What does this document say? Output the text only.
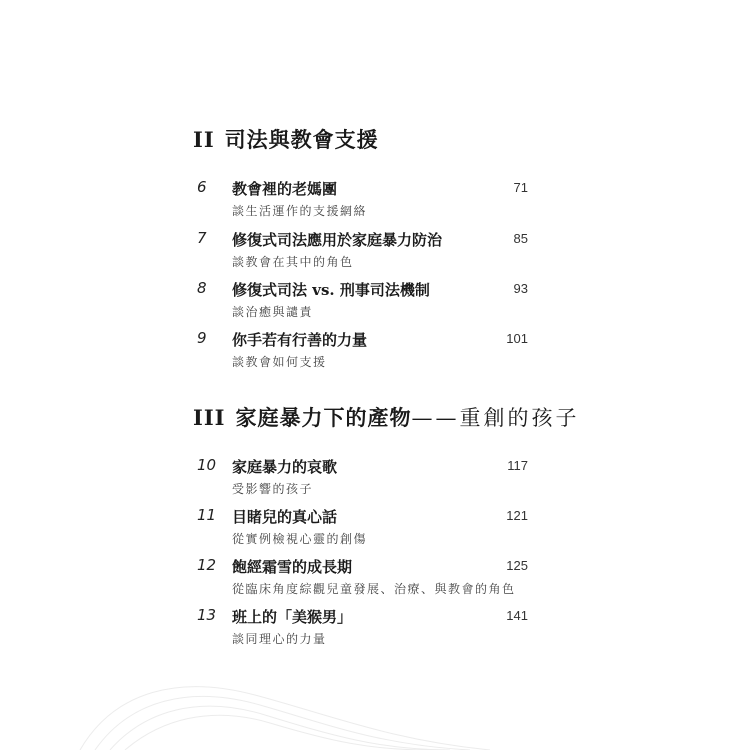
II 司法與教會支援
6 教會裡的老媽團
談生活運作的支援網絡
71
7 修復式司法應用於家庭暴力防治
談教會在其中的角色
85
8 修復式司法 vs. 刑事司法機制
談治癒與譴責
93
9 你手若有行善的力量
談教會如何支援
101
III 家庭暴力下的產物——重創的孩子
10 家庭暴力的哀歌
受影響的孩子
117
11 目睹兒的真心話
從實例檢視心靈的創傷
121
12 飽經霜雪的成長期
從臨床角度綜觀兒童發展、治療、與教會的角色
125
13 班上的「美猴男」
談同理心的力量
141
